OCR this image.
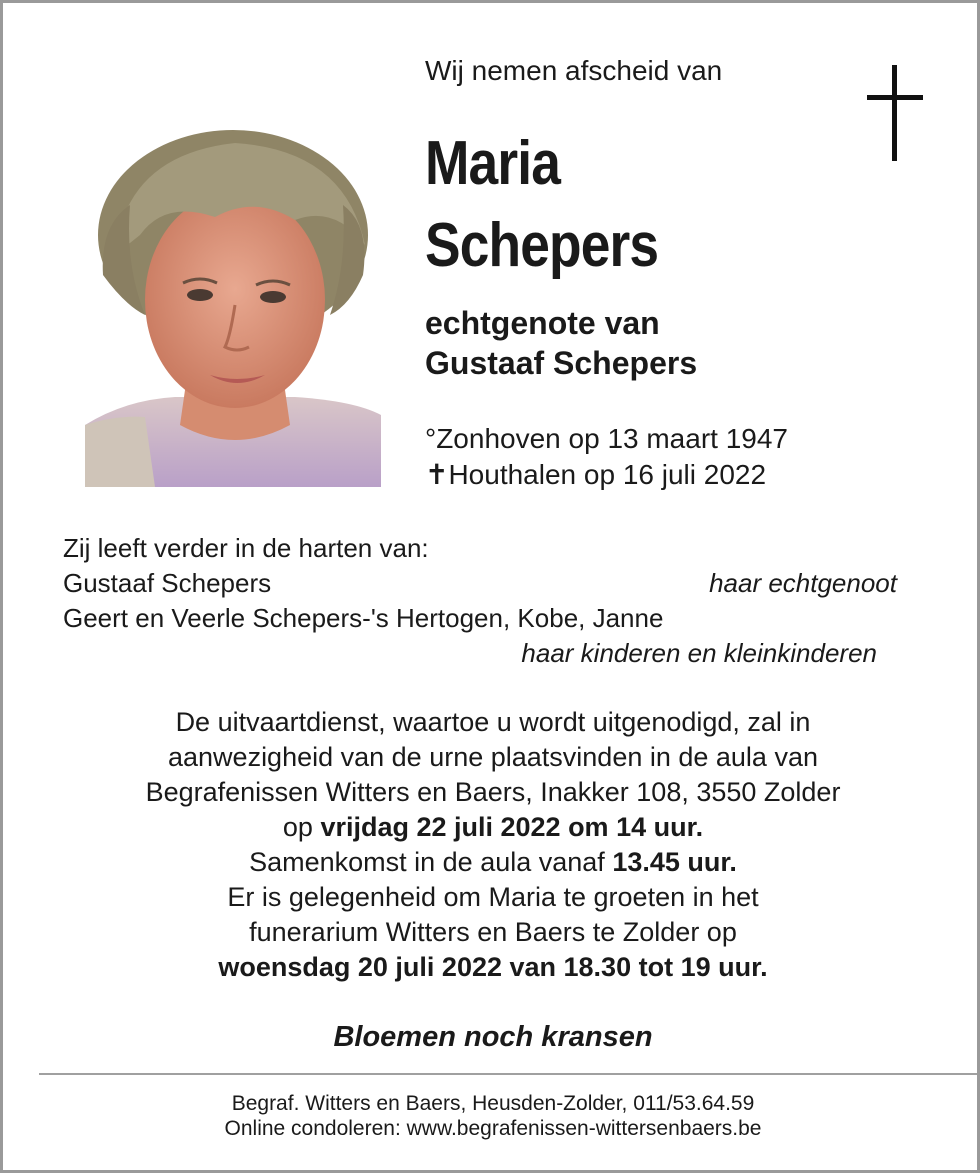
Wij nemen afscheid van
Maria
Schepers
echtgenote van
Gustaaf Schepers
°Zonhoven op 13 maart 1947
✝Houthalen op 16 juli 2022
Zij leeft verder in de harten van:
Gustaaf Schepers	haar echtgenoot
Geert en Veerle Schepers-'s Hertogen, Kobe, Janne
haar kinderen en kleinkinderen
De uitvaartdienst, waartoe u wordt uitgenodigd, zal in
aanwezigheid van de urne plaatsvinden in de aula van
Begrafenissen Witters en Baers, Inakker 108, 3550 Zolder
op vrijdag 22 juli 2022 om 14 uur.
Samenkomst in de aula vanaf 13.45 uur.
Er is gelegenheid om Maria te groeten in het
funerarium Witters en Baers te Zolder op
woensdag 20 juli 2022 van 18.30 tot 19 uur.
Bloemen noch kransen
Begraf. Witters en Baers, Heusden-Zolder, 011/53.64.59
Online condoleren: www.begrafenissen-wittersenbaers.be
